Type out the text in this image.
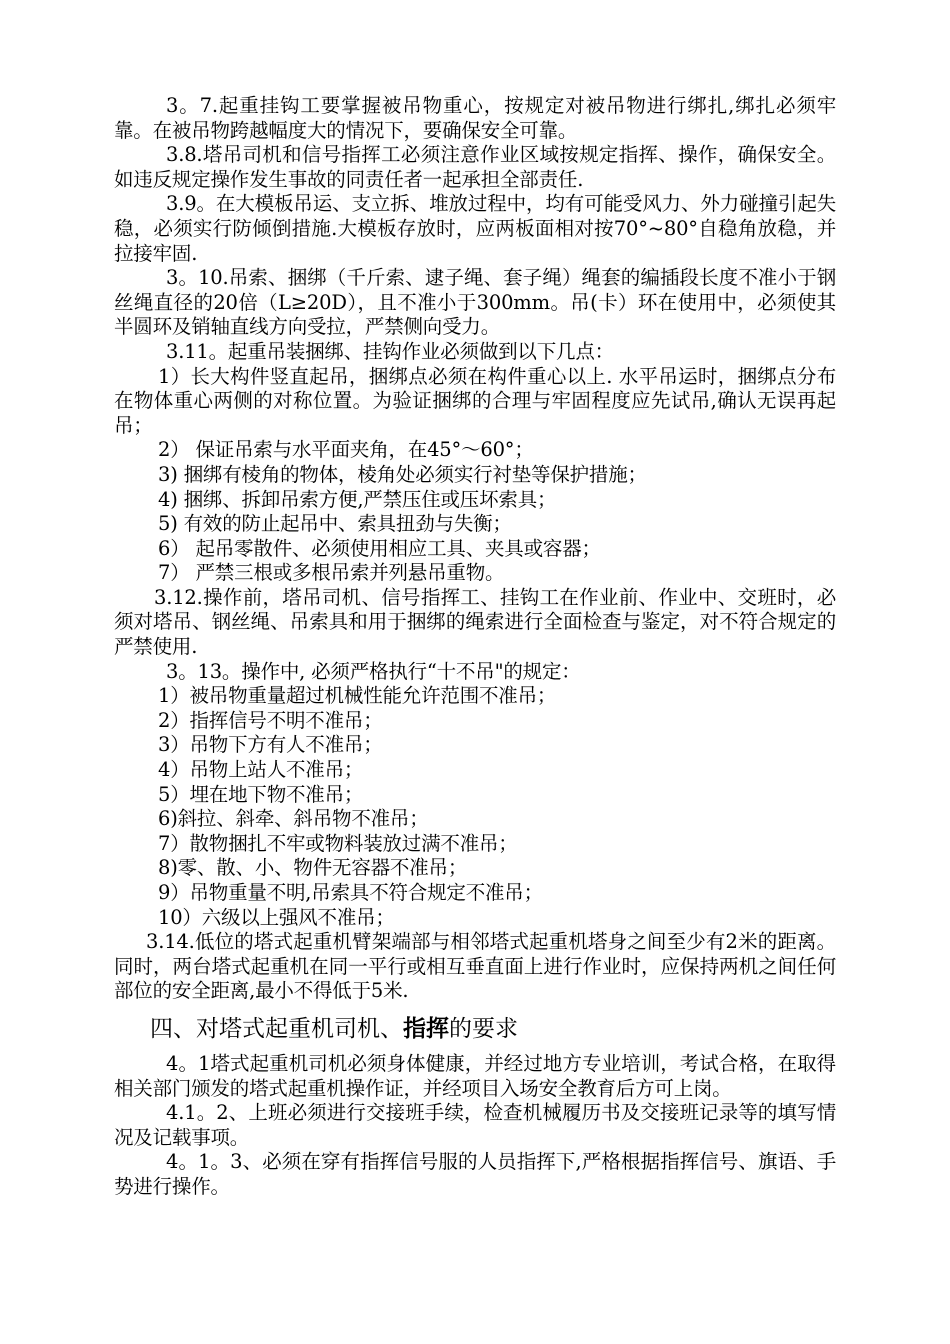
3。7.起重挂钩工要掌握被吊物重心，按规定对被吊物进行绑扎,绑扎必须牢靠。在被吊物跨越幅度大的情况下，要确保安全可靠。

3.8.塔吊司机和信号指挥工必须注意作业区域按规定指挥、操作，确保安全。如违反规定操作发生事故的同责任者一起承担全部责任.

3.9。在大模板吊运、支立拆、堆放过程中，均有可能受风力、外力碰撞引起失稳，必须实行防倾倒措施.大模板存放时，应两板面相对按70°~80°自稳角放稳，并拉接牢固.

3。10.吊索、捆绑（千斤索、逮子绳、套子绳）绳套的编插段长度不准小于钢丝绳直径的20倍（L≥20D），且不准小于300mm。吊(卡）环在使用中，必须使其半圆环及销轴直线方向受拉，严禁侧向受力。

3.11。起重吊装捆绑、挂钩作业必须做到以下几点：

1）长大构件竖直起吊，捆绑点必须在构件重心以上. 水平吊运时，捆绑点分布在物体重心两侧的对称位置。为验证捆绑的合理与牢固程度应先试吊,确认无误再起吊；

2） 保证吊索与水平面夹角，在45°～60°；

3) 捆绑有棱角的物体，棱角处必须实行衬垫等保护措施；

4) 捆绑、拆卸吊索方便,严禁压住或压坏索具；

5) 有效的防止起吊中、索具扭劲与失衡；

6） 起吊零散件、必须使用相应工具、夹具或容器；

7） 严禁三根或多根吊索并列悬吊重物。

3.12.操作前，塔吊司机、信号指挥工、挂钩工在作业前、作业中、交班时，必须对塔吊、钢丝绳、吊索具和用于捆绑的绳索进行全面检查与鉴定，对不符合规定的严禁使用.

3。13。操作中, 必须严格执行“十不吊"的规定：

1）被吊物重量超过机械性能允许范围不准吊；

2）指挥信号不明不准吊；

3）吊物下方有人不准吊；

4）吊物上站人不准吊；

5）埋在地下物不准吊；

6)斜拉、斜牵、斜吊物不准吊；

7）散物捆扎不牢或物料装放过满不准吊；

8)零、散、小、物件无容器不准吊；

9）吊物重量不明,吊索具不符合规定不准吊；

10）六级以上强风不准吊；

3.14.低位的塔式起重机臂架端部与相邻塔式起重机塔身之间至少有2米的距离。同时，两台塔式起重机在同一平行或相互垂直面上进行作业时，应保持两机之间任何部位的安全距离,最小不得低于5米.

四、对塔式起重机司机、指挥的要求

4。1塔式起重机司机必须身体健康，并经过地方专业培训，考试合格，在取得相关部门颁发的塔式起重机操作证，并经项目入场安全教育后方可上岗。

4.1。2、上班必须进行交接班手续，检查机械履历书及交接班记录等的填写情况及记载事项。

4。1。3、必须在穿有指挥信号服的人员指挥下,严格根据指挥信号、旗语、手势进行操作。
